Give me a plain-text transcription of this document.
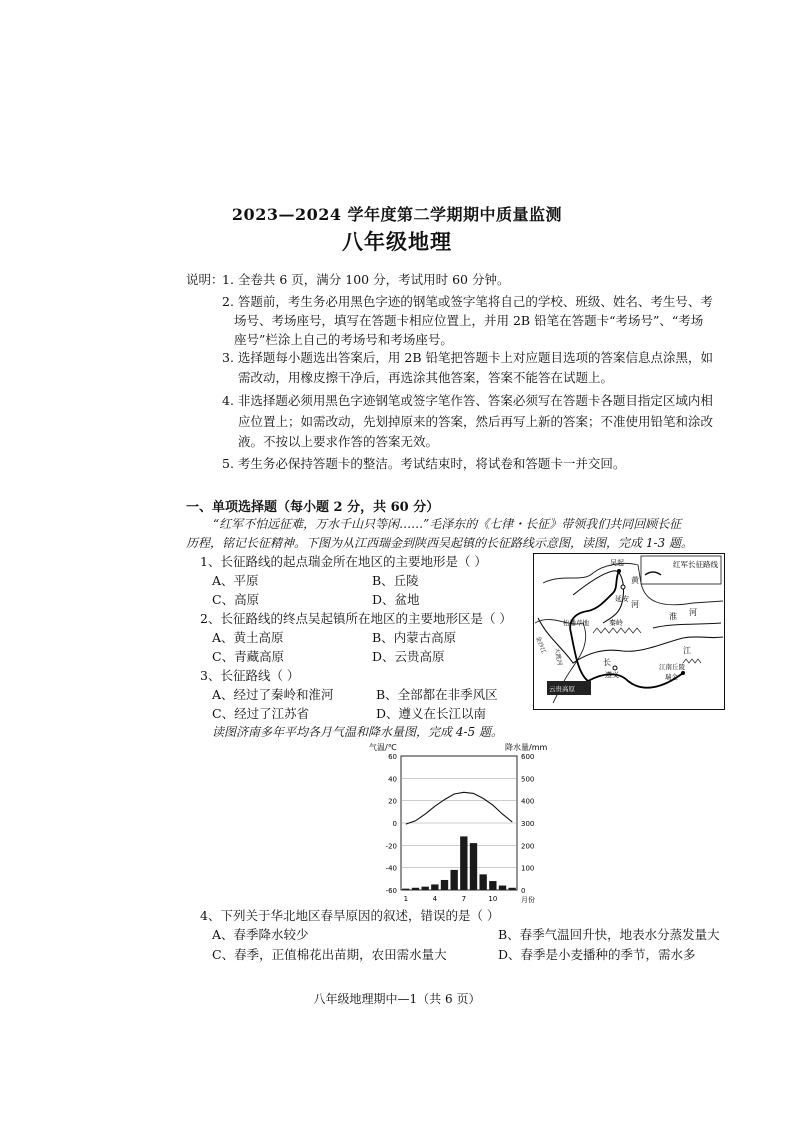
2023—2024 学年度第二学期期中质量监测
八年级地理
说明：
1. 全卷共 6 页，满分 100 分，考试用时 60 分钟。
2. 答题前，考生务必用黑色字迹的钢笔或签字笔将自己的学校、班级、姓名、考生号、考
场号、考场座号，填写在答题卡相应位置上，并用 2B 铅笔在答题卡“考场号”、“考场
座号”栏涂上自己的考场号和考场座号。
3. 选择题每小题选出答案后，用 2B 铅笔把答题卡上对应题目选项的答案信息点涂黑，如
需改动，用橡皮擦干净后，再选涂其他答案，答案不能答在试题上。
4. 非选择题必须用黑色字迹钢笔或签字笔作答、答案必须写在答题卡各题目指定区域内相
应位置上；如需改动，先划掉原来的答案，然后再写上新的答案；不准使用铅笔和涂改
液。不按以上要求作答的答案无效。
5. 考生务必保持答题卡的整洁。考试结束时，将试卷和答题卡一并交回。
一、单项选择题（每小题 2 分，共 60 分）
“红军不怕远征难，万水千山只等闲……”毛泽东的《七律・长征》带领我们共同回顾长征
历程，铭记长征精神。下图为从江西瑞金到陕西吴起镇的长征路线示意图，读图，完成 1-3 题。
1、长征路线的起点瑞金所在地区的主要地形是（ ）
A、平原	B、丘陵
C、高原	D、盆地
2、长征路线的终点吴起镇所在地区的主要地形区是（ ）
A、黄土高原	B、内蒙古高原
C、青藏高原	D、云贵高原
3、长征路线（ ）
A、经过了秦岭和淮河	B、全部都在非季风区
C、经过了江苏省	D、遵义在长江以南
读图济南多年平均各月气温和降水量图，完成 4-5 题。
红军长征路线
吴起
延安
松潘草地	秦岭
金沙江
大渡河
黄
河
淮 河
长
江
遵义
江南丘陵
瑞金
云贵高原
气温/℃	降水量/mm
60
40
20
0
-20
-40
-60
600
500
400
300
200
100
0
1	4	7	10	月份
4、下列关于华北地区春旱原因的叙述，错误的是（ ）
A、春季降水较少	B、春季气温回升快，地表水分蒸发量大
C、春季，正值棉花出苗期，农田需水量大	D、春季是小麦播种的季节，需水多
八年级地理期中—1（共 6 页）
